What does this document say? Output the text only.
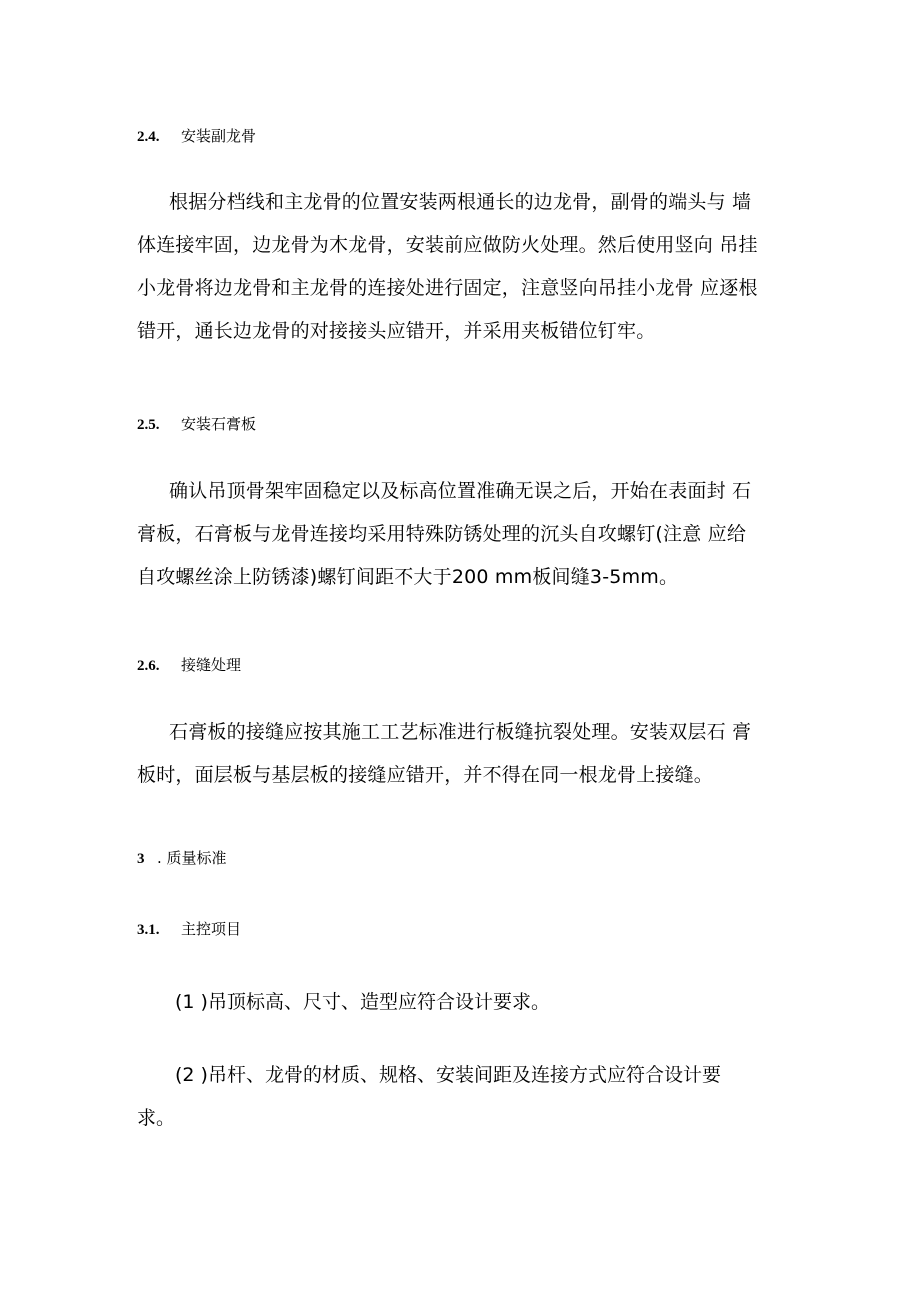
2.4. 安装副龙骨
根据分档线和主龙骨的位置安装两根通长的边龙骨，副骨的端头与 墙
体连接牢固，边龙骨为木龙骨，安装前应做防火处理。然后使用竖向 吊挂
小龙骨将边龙骨和主龙骨的连接处进行固定，注意竖向吊挂小龙骨 应逐根
错开，通长边龙骨的对接接头应错开，并采用夹板错位钉牢。
2.5. 安装石膏板
确认吊顶骨架牢固稳定以及标高位置准确无误之后，开始在表面封 石
膏板，石膏板与龙骨连接均采用特殊防锈处理的沉头自攻螺钉(注意 应给
自攻螺丝涂上防锈漆)螺钉间距不大于200 mm板间缝3-5mm。
2.6. 接缝处理
石膏板的接缝应按其施工工艺标准进行板缝抗裂处理。安装双层石 膏
板时，面层板与基层板的接缝应错开，并不得在同一根龙骨上接缝。
3 . 质量标准
3.1. 主控项目
(1 )吊顶标高、尺寸、造型应符合设计要求。
(2 )吊杆、龙骨的材质、规格、安装间距及连接方式应符合设计要
求。
